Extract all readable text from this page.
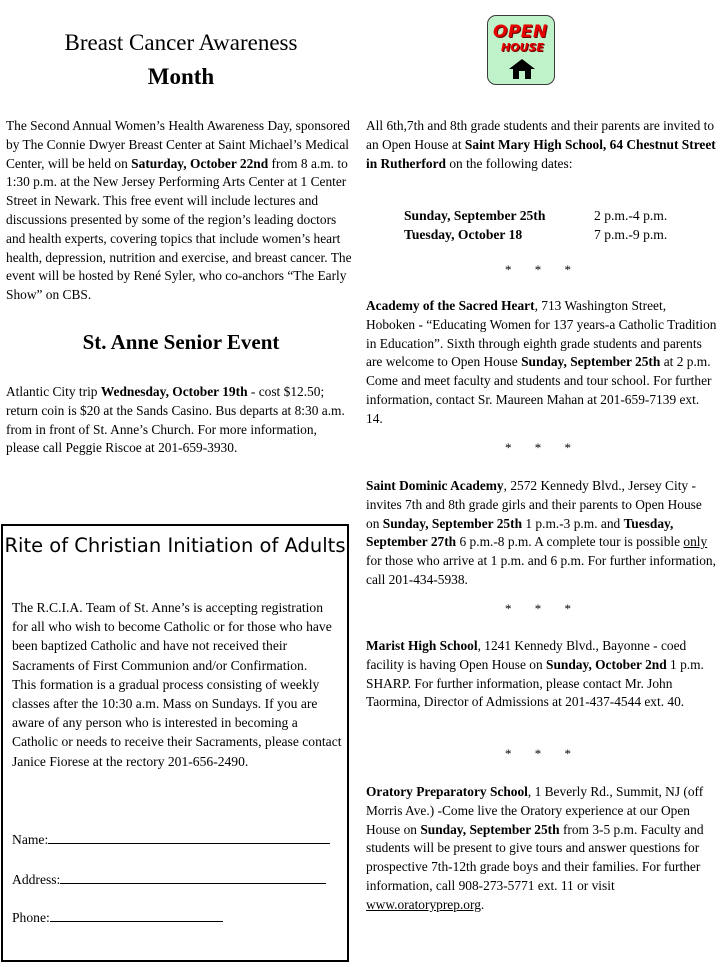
Breast Cancer Awareness
Month
The Second Annual Women’s Health Awareness Day, sponsored by The Connie Dwyer Breast Center at Saint Michael’s Medical Center, will be held on Saturday, October 22nd from 8 a.m. to 1:30 p.m. at the New Jersey Performing Arts Center at 1 Center Street in Newark. This free event will include lectures and discussions presented by some of the region’s leading doctors and health experts, covering topics that include women’s heart health, depression, nutrition and exercise, and breast cancer. The event will be hosted by René Syler, who co-anchors “The Early Show” on CBS.
St. Anne Senior Event
Atlantic City trip Wednesday, October 19th - cost $12.50; return coin is $20 at the Sands Casino. Bus departs at 8:30 a.m. from in front of St. Anne’s Church. For more information, please call Peggie Riscoe at 201-659-3930.
Rite of Christian Initiation of Adults
The R.C.I.A. Team of St. Anne’s is accepting registration for all who wish to become Catholic or for those who have been baptized Catholic and have not received their Sacraments of First Communion and/or Confirmation.
This formation is a gradual process consisting of weekly classes after the 10:30 a.m. Mass on Sundays. If you are aware of any person who is interested in becoming a Catholic or needs to receive their Sacraments, please contact Janice Fiorese at the rectory 201-656-2490.
Name:
Address:
Phone:
OPEN
HOUSE
All 6th,7th and 8th grade students and their parents are invited to an Open House at Saint Mary High School, 64 Chestnut Street in Rutherford on the following dates:
Sunday, September 25th	2 p.m.-4 p.m.
Tuesday, October 18	7 p.m.-9 p.m.
* * *
Academy of the Sacred Heart, 713 Washington Street, Hoboken - “Educating Women for 137 years-a Catholic Tradition in Education”. Sixth through eighth grade students and parents are welcome to Open House Sunday, September 25th at 2 p.m. Come and meet faculty and students and tour school. For further information, contact Sr. Maureen Mahan at 201-659-7139 ext. 14.
* * *
Saint Dominic Academy, 2572 Kennedy Blvd., Jersey City - invites 7th and 8th grade girls and their parents to Open House on Sunday, September 25th 1 p.m.-3 p.m. and Tuesday, September 27th 6 p.m.-8 p.m. A complete tour is possible only for those who arrive at 1 p.m. and 6 p.m. For further information, call 201-434-5938.
* * *
Marist High School, 1241 Kennedy Blvd., Bayonne - coed facility is having Open House on Sunday, October 2nd 1 p.m. SHARP. For further information, please contact Mr. John Taormina, Director of Admissions at 201-437-4544 ext. 40.
* * *
Oratory Preparatory School, 1 Beverly Rd., Summit, NJ (off Morris Ave.) -Come live the Oratory experience at our Open House on Sunday, September 25th from 3-5 p.m. Faculty and students will be present to give tours and answer questions for prospective 7th-12th grade boys and their families. For further information, call 908-273-5771 ext. 11 or visit www.oratoryprep.org.
